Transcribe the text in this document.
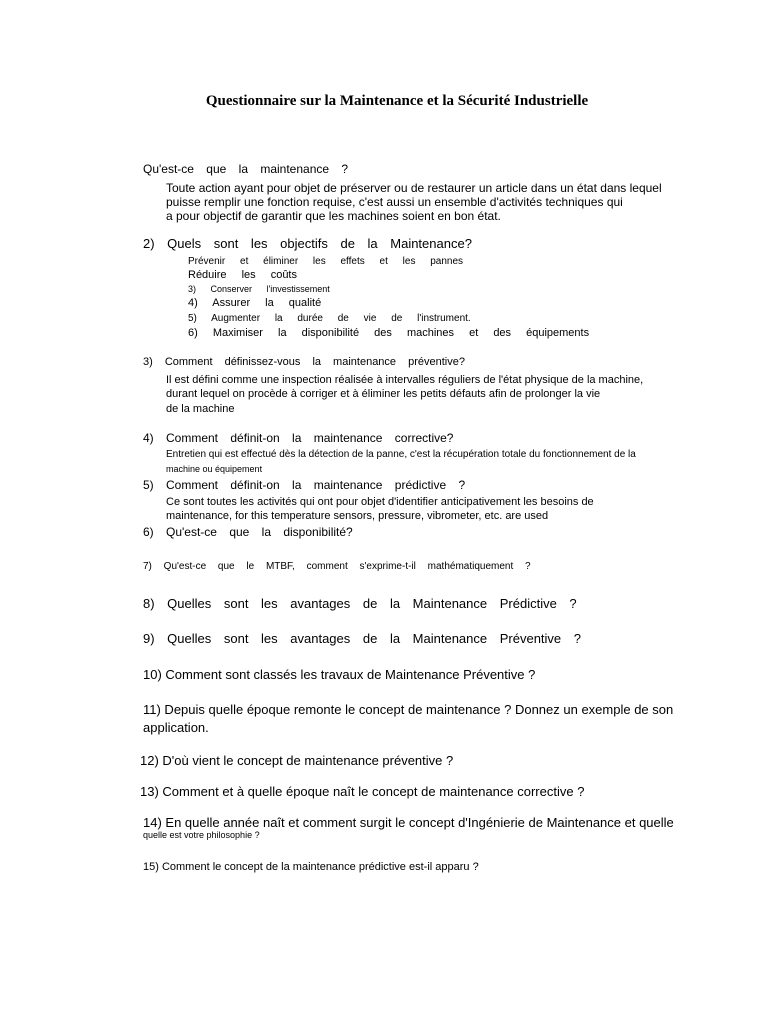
Questionnaire sur la Maintenance et la Sécurité Industrielle
Qu'est-ce que la maintenance ?
Toute action ayant pour objet de préserver ou de restaurer un article dans un état dans lequel
puisse remplir une fonction requise, c'est aussi un ensemble d'activités techniques qui
a pour objectif de garantir que les machines soient en bon état.
2) Quels sont les objectifs de la Maintenance?
Prévenir et éliminer les effets et les pannes
Réduire les coûts
3) Conserver l'investissement
4) Assurer la qualité
5) Augmenter la durée de vie de l'instrument.
6) Maximiser la disponibilité des machines et des équipements
3) Comment définissez-vous la maintenance préventive?
Il est défini comme une inspection réalisée à intervalles réguliers de l'état physique de la machine,
durant lequel on procède à corriger et à éliminer les petits défauts afin de prolonger la vie
de la machine
4) Comment définit-on la maintenance corrective?
Entretien qui est effectué dès la détection de la panne, c'est la récupération totale du fonctionnement de la
machine ou équipement
5) Comment définit-on la maintenance prédictive ?
Ce sont toutes les activités qui ont pour objet d'identifier anticipativement les besoins de
maintenance, for this temperature sensors, pressure, vibrometer, etc. are used
6) Qu'est-ce que la disponibilité?
7) Qu'est-ce que le MTBF, comment s'exprime-t-il mathématiquement ?
8) Quelles sont les avantages de la Maintenance Prédictive ?
9) Quelles sont les avantages de la Maintenance Préventive ?
10) Comment sont classés les travaux de Maintenance Préventive ?
11) Depuis quelle époque remonte le concept de maintenance ? Donnez un exemple de son
application.
12) D'où vient le concept de maintenance préventive ?
13) Comment et à quelle époque naît le concept de maintenance corrective ?
14) En quelle année naît et comment surgit le concept d'Ingénierie de Maintenance et quelle
quelle est votre philosophie ?
15) Comment le concept de la maintenance prédictive est-il apparu ?
